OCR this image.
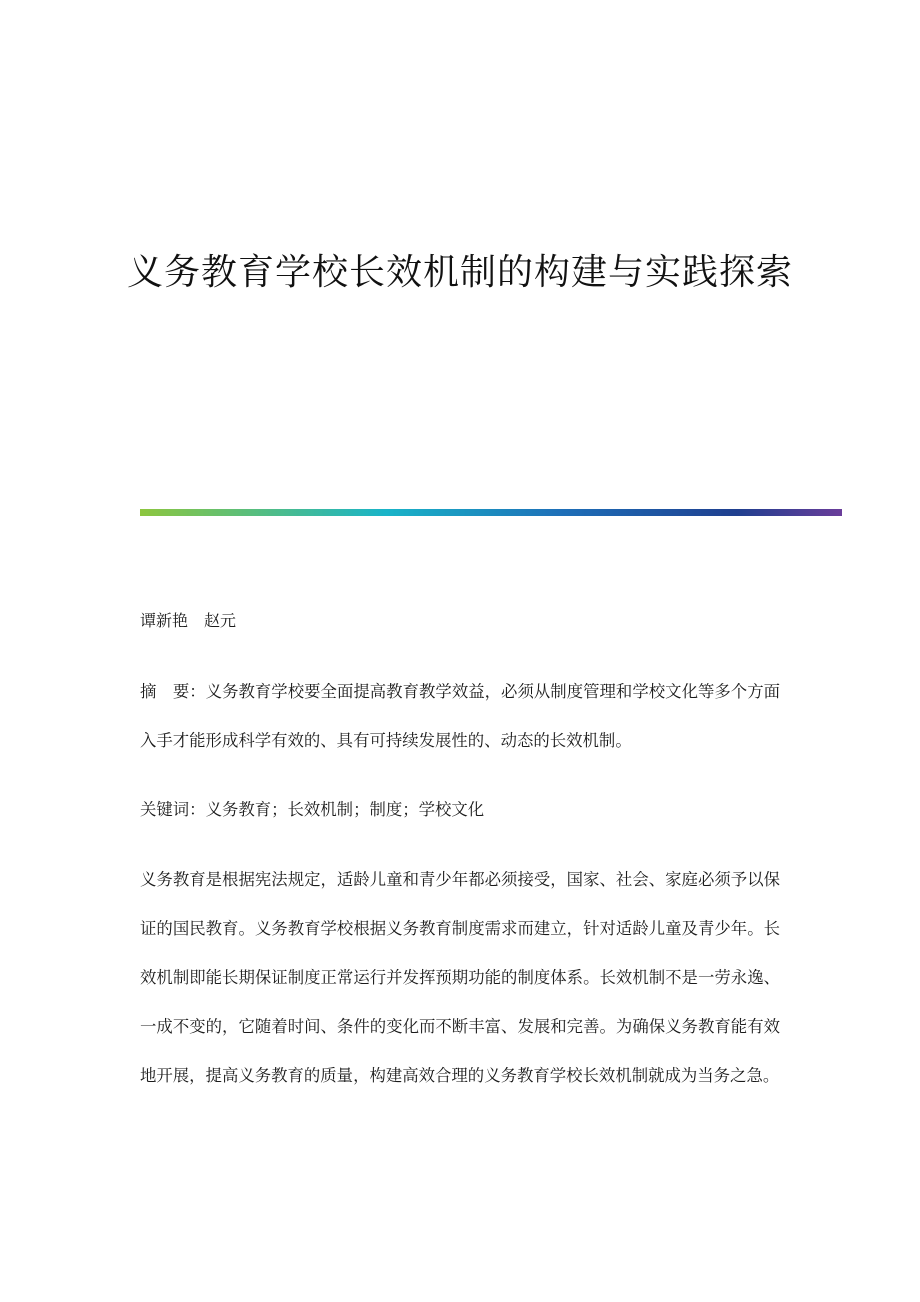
义务教育学校长效机制的构建与实践探索
谭新艳　赵元

摘　要：义务教育学校要全面提高教育教学效益，必须从制度管理和学校文化等多个方面入手才能形成科学有效的、具有可持续发展性的、动态的长效机制。

关键词：义务教育；长效机制；制度；学校文化

义务教育是根据宪法规定，适龄儿童和青少年都必须接受，国家、社会、家庭必须予以保证的国民教育。义务教育学校根据义务教育制度需求而建立，针对适龄儿童及青少年。长效机制即能长期保证制度正常运行并发挥预期功能的制度体系。长效机制不是一劳永逸、一成不变的，它随着时间、条件的变化而不断丰富、发展和完善。为确保义务教育能有效地开展，提高义务教育的质量，构建高效合理的义务教育学校长效机制就成为当务之急。
